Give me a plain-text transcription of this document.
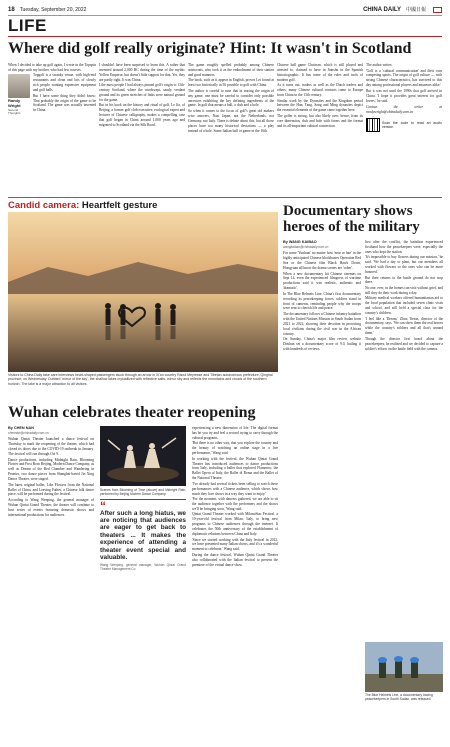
18 Tuesday, September 20, 2022	CHINA DAILY 中國日報
LIFE
Where did golf really originate? Hint: It wasn't in Scotland

When I decided to take up golf again, I wrote in the Topspin of this page with my brother, who had few courses.

Randy Wright
Second Thoughts

Topgolf is a swanky venue, with high-end restaurants and clean and lots of slowly rich people wanting expensive equipment and golf balls.

But I have some thing they didn't know: That probably the origin of the game to be Scotland. The game was actually invented in China.

I shouldn't have been surprised to learn this. A rather that invented around 2,000 BC during the time of the mythic Yellow Emperor, but doesn't little support for that. Yet, they are partly right. It was China.

Like most people I had always pinned golf's origin to 15th-century Scotland, where the windswept, sandy, verdant ground and its green stretches of links were natural ground for the game.

But in his book on the history and ritual of golf, Le Jia, of Beijing, a former golf club executive, ecological expert and lecturer of Chinese calligraphy, makes a compelling case that golf began in China around 1,000 years ago and migrated to Scotland via the Silk Road.

The game roughly spelled probably among Chinese aristocrats, who took it as the embodiment of their station and good manners.

The book, such as it appear in English, proves Lei found at least two historically in 56 possible to golf with China.

The author is careful to note that in tracing the origin of any game, one must be careful to consider only possible ancestors exhibiting the key defining ingredients of the game. In golf that means a ball, a club and a hole.

So when it comes to the focus of golf's great old makers wise answers, Nasi Japan, not the Netherlands, not Germany, not Italy. There is debate about this, but all those places have too many historical deviations — a play instead of a hole. Some Italian ball or game in the 16th.

Chinese ball game Chuiwan, which is still played and attested to, claimed to have in Jianshu in the Spanish historiographic. It has some of the rules and tools of modern golf.

As it turns out, traders as well as the Dutch traders and others, many Chinese cultural contacts came to Europe from China in the 13th century.

Similar work by the Dynasties and the Kingdom period between the Han, Tang, Song and Ming dynasties depict the essential elements of the game came together here.

The golfer is strong, but also likely over, hence, from its core dimension, club and hole with forms and the format and its all-important cultural connection.

The author writes:

'Golf is a 'cultural communication' and their own competing sports. The origin of golf culture — with strong Chinese characteristics, has survived to this day among professional players and amateurs alike.'

But it was not until the 1990s that golf arrived in China. 'I hope it provides great interest for golf lovers,' he said.

Contact the writer at randywright@chinadaily.com.cn

Scan the code to read an audio version
Candid camera: Heartfelt gesture
Visitors to China Daily take care interviews heart-shaped passengers stuck through an arrow in Xi'an country Raoul Meyresse and Tibetan autonomous prefecture, Qinghai province, on Wednesday. Dubbed 'mirror of the sky', the shallow lakes crystallized with reflective salts, mirror sky and reflects the mountains and clouds of the southern horizon. The lake is a major attraction to all visitors.
Documentary shows heroes of the military
By WANG KAIBAO
wangkaibao@chinadaily.com.cn

For some 'Yunhuai' no matter how 'near or late' in the highly anticipated Chinese blockbuster Operation Red Sea or the Chinese film Black Hawk Down, Hongyuan all know the drama scenes are 'sober'.

When a new documentary hit Chinese cinemas on Sept 14, even the experienced filmgoers of wartime productions said it was realistic, authentic and 'dramatic'.

In The Blue Helmets Line, China's first documentary recording its peacekeeping forces, soldiers stand in front of cameras, reminding people why the troops were sent to cherish life and peace.

The documentary follows a Chinese infantry battalion with the United Nations Mission in South Sudan from 2021 to 2022, showing their devotion in protecting local civilians during the civil war in the African country.

On Sunday, China's major film review website Douban set a documentary score of 9.0, hailing it with hundreds of reviews.

Just after the conflict, the battalion experienced firsthand how the peacekeepers were, especially the ones who kept the station.

'It's impossible to buy flowers during our mission,' he said. 'We had a day to plant, but our members all worked with flowers so the ones who can be more honored.'

But their returns to the battle ground do not stop there.

No one, ever, in the homes can visit without grief, and still they do their work during a day.

Military medical workers offered humanitarian aid to the local population that included seven clinic visits and school, and still held a special class for the country's children.

'I feel like a 'Dream,' Zhou Tiexin, director of the documentary, says. 'We can show them the real heroes while the country's soldiers and all that's around them.'

Though the director first heard about the peacekeepers, he realized and we decided to capture a soldier's efforts on the battle field with the camera.

The Blue Helmets Line, a documentary tracing peacekeepers in South Sudan, was released.
Wuhan celebrates theater reopening
By CHEN NAN
chennan@chinadaily.com.cn

Wuhan Qintai Theater launched a dance festival on Thursday to mark the reopening of the theater, which had closed its doors due to the COVID-19 outbreak in January. The festival will run through Oct 9.

Dance productions, including Midnight Rain, Blooming Flower and First Born Beijing, Modern Dance Company, as well as Dream of the Red Chamber and Wandering in Peonies, two dance pieces from Shanghai-based Jin Xing Dance Theater, were staged.

The latest original ballet, Like Flowers from the National Ballet of China, and Leaving Father, a Chinese folk dance piece, will be performed during the festival.

According to Wang Wenping, the general manager of Wuhan Qintai Grand Theater, the theater will continue to host series of events featuring domestic shows and international productions for audiences.

Scenes from Blooming of Time (above) and Midnight Rain, performed by Beijing Modern Dance Company.
“
After such a long hiatus, we are noticing that audiences are eager to get back to theaters ... It makes the experience of attending a theater event special and valuable.
Wang Wenping, general manager, Wuhan Qintai Grand Theater Management Co

experiencing a new dimension of life. The digital format has let you try and feel a second trying to carry through the cultural programs.

'But there is no other way, that you explore the country and the beauty of watching an online stage in a live performance,' Wang said.

In working with the festival, the Wuhan Qintai Grand Theater has introduced audiences to dance productions from Italy, including a ballet that explored Flamenco, the Ballet Opera of Italy, the Ballet di Roma and the Ballet of the National Theatre.

'I've already had several tickets been selling to watch these performances with a Chinese audience, which shows how much they love shows in a way they want to enjoy.'

'For the moment, with dancers gathered, we are able to sit the audience together with the performers and the shows we'll be bringing soon,' Wang said.

Qintai Grand Theater worked with MilanoStar Festival, a 10-year-old festival from Milan, Italy, to bring new programs to Chinese audiences through the internet. It celebrates the 50th anniversary of the establishment of diplomatic relations between China and Italy.

'Since we started working with the Italy festival in 2012, we have presented many Italian shows, and it's a wonderful moment to celebrate.' Wang said.

During the dance festival, Wuhan Qintai Grand Theater also collaborated with the Italian festival to present the premiere of the virtual dance show.
